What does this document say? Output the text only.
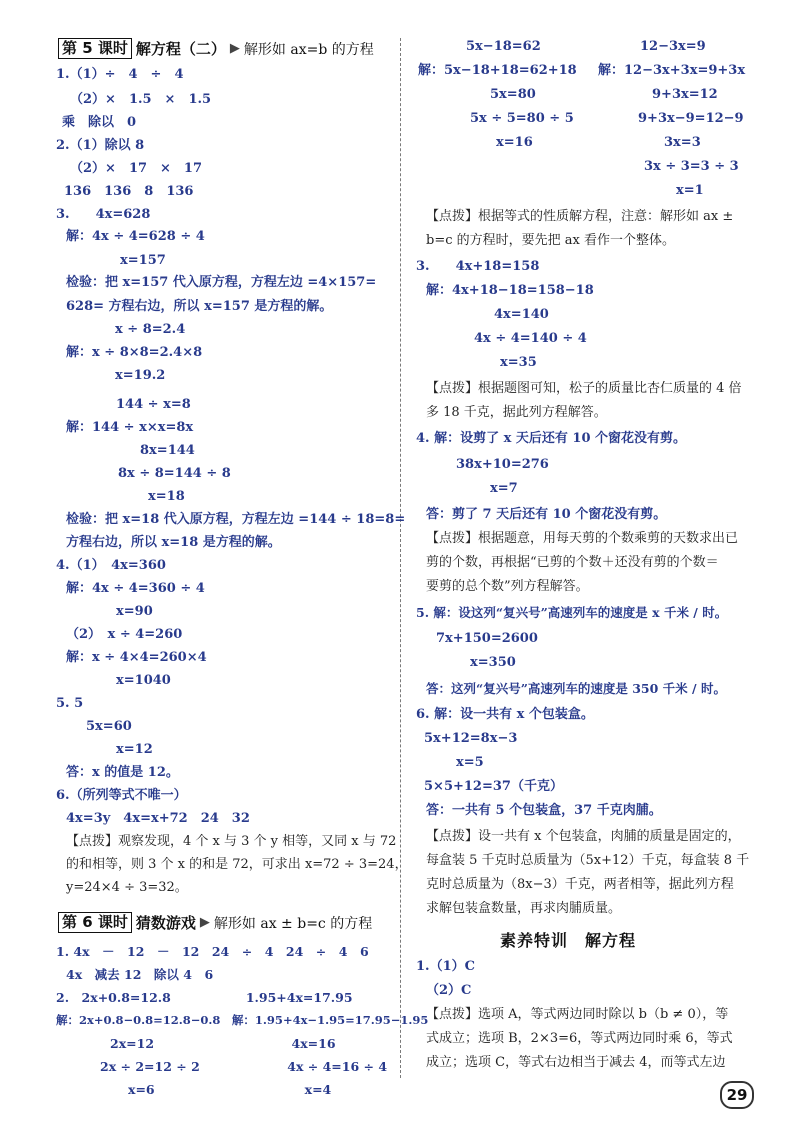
第 5 课时 解方程（二） ▶ 解形如 ax=b 的方程
1.（1）÷　4　÷　4
（2）×　1.5　×　1.5
乘　除以　0
2.（1）除以 8
（2）×　17　×　17
136　136　8　136
3.　　4x=628
解：4x ÷ 4=628 ÷ 4
x=157
检验：把 x=157 代入原方程，方程左边 =4×157=
628= 方程右边，所以 x=157 是方程的解。
x ÷ 8=2.4
解：x ÷ 8×8=2.4×8
x=19.2
144 ÷ x=8
解：144 ÷ x×x=8x
8x=144
8x ÷ 8=144 ÷ 8
x=18
检验：把 x=18 代入原方程，方程左边 =144 ÷ 18=8=
方程右边，所以 x=18 是方程的解。
4.（1）　4x=360
解：4x ÷ 4=360 ÷ 4
x=90
（2）　x ÷ 4=260
解：x ÷ 4×4=260×4
x=1040
5. 5
5x=60
x=12
答：x 的值是 12。
6.（所列等式不唯一）
4x=3y　4x=x+72　24　32
【点拨】观察发现，4 个 x 与 3 个 y 相等，又同 x 与 72
的和相等，则 3 个 x 的和是 72，可求出 x=72 ÷ 3=24，
y=24×4 ÷ 3=32。
第 6 课时 猜数游戏 ▶ 解形如 ax ± b=c 的方程
1. 4x　－　12　－　12　24　÷　4　24　÷　4　6
4x　减去 12　除以 4　6
2.　2x+0.8=12.8　　　　　　1.95+4x=17.95
解：2x+0.8−0.8=12.8−0.8　解：1.95+4x−1.95=17.95−1.95
2x=12　　　　　　　　　　　4x=16
2x ÷ 2=12 ÷ 2　　　　　　　4x ÷ 4=16 ÷ 4
x=6　　　　　　　　　　　　x=4
5x−18=62	12−3x=9
解：5x−18+18=62+18 解：12−3x+3x=9+3x
5x=80	9+3x=12
5x ÷ 5=80 ÷ 5	9+3x−9=12−9
x=16	3x=3
3x ÷ 3=3 ÷ 3
x=1
【点拨】根据等式的性质解方程，注意：解形如 ax ±
b=c 的方程时，要先把 ax 看作一个整体。
3.　　4x+18=158
解：4x+18−18=158−18
4x=140
4x ÷ 4=140 ÷ 4
x=35
【点拨】根据题图可知，松子的质量比杏仁质量的 4 倍
多 18 千克，据此列方程解答。
4. 解：设剪了 x 天后还有 10 个窗花没有剪。
38x+10=276
x=7
答：剪了 7 天后还有 10 个窗花没有剪。
【点拨】根据题意，用每天剪的个数乘剪的天数求出已
剪的个数，再根据“已剪的个数＋还没有剪的个数＝
要剪的总个数”列方程解答。
5. 解：设这列“复兴号”高速列车的速度是 x 千米 / 时。
7x+150=2600
x=350
答：这列“复兴号”高速列车的速度是 350 千米 / 时。
6. 解：设一共有 x 个包装盒。
5x+12=8x−3
x=5
5×5+12=37（千克）
答：一共有 5 个包装盒，37 千克肉脯。
【点拨】设一共有 x 个包装盒，肉脯的质量是固定的，
每盒装 5 千克时总质量为（5x+12）千克，每盒装 8 千
克时总质量为（8x−3）千克，两者相等，据此列方程
求解包装盒数量，再求肉脯质量。
素养特训　解方程
1.（1）C
（2）C
【点拨】选项 A，等式两边同时除以 b（b ≠ 0），等
式成立；选项 B，2×3=6，等式两边同时乘 6，等式
成立；选项 C，等式右边相当于减去 4，而等式左边
29
